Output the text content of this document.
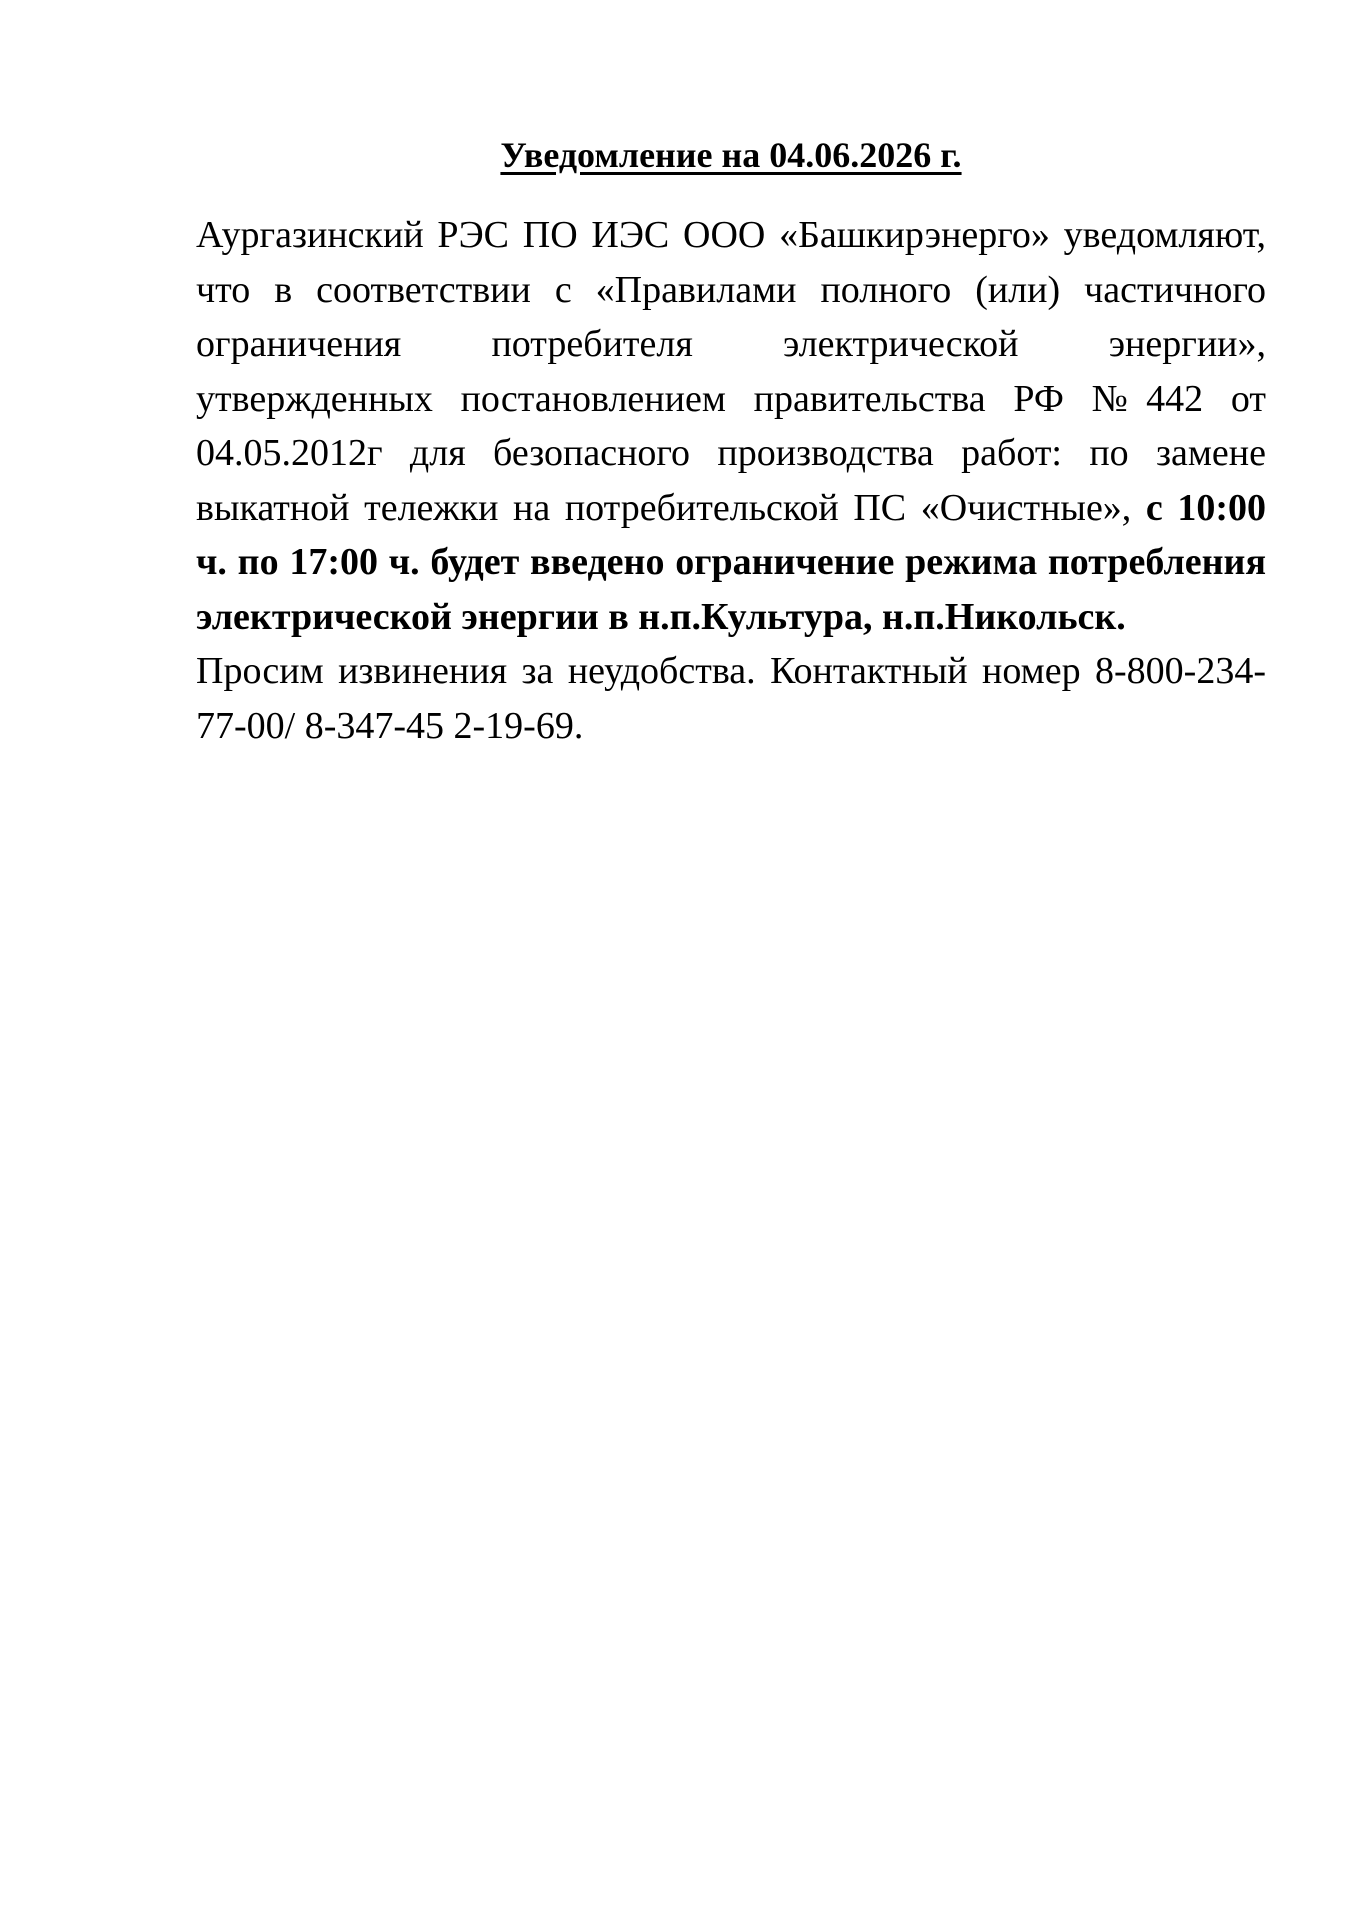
Уведомление на 04.06.2026 г.

Аургазинский РЭС ПО ИЭС ООО «Башкирэнерго» уведомляют, что в соответствии с «Правилами полного (или) частичного ограничения потребителя электрической энергии», утвержденных постановлением правительства РФ №442 от 04.05.2012г для безопасного производства работ: по замене выкатной тележки на потребительской ПС «Очистные», с 10:00 ч. по 17:00 ч. будет введено ограничение режима потребления электрической энергии в н.п.Культура, н.п.Никольск.

Просим извинения за неудобства. Контактный номер 8-800-234-77-00/ 8-347-45 2-19-69.
